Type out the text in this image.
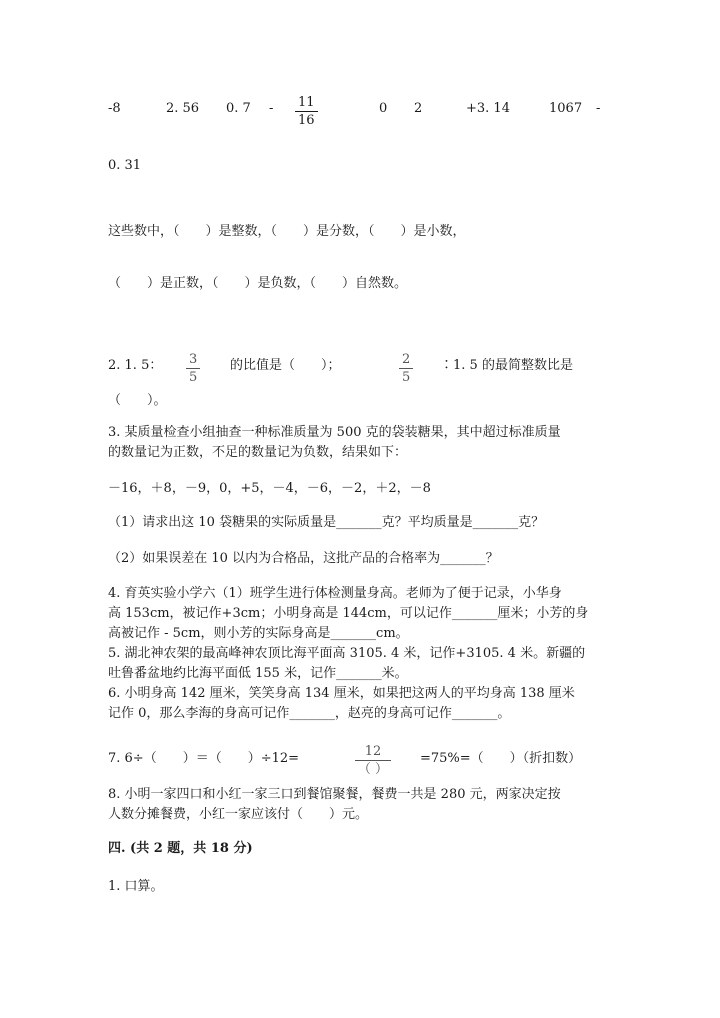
-8	2. 56 0. $7 - \frac{11}{16}$	0 2	+3. 14	1067 -
0. 31
这些数中，（　　）是整数，（　　）是分数，（　　）是小数，
（　　）是正数，（　　）是负数，（　　）自然数。
2. 1. 5： $\frac{3}{5}$ 的比值是（　　）；	$\frac{2}{5}$ ∶1. 5 的最简整数比是
（　　）。
3. 某质量检查小组抽查一种标准质量为 500 克的袋装糖果，其中超过标准质量
的数量记为正数，不足的数量记为负数，结果如下：
－16，＋8，－9，0，+5，－4，－6，－2，＋2，－8
（1）请求出这 10 袋糖果的实际质量是_______克？平均质量是_______克？
（2）如果误差在 10 以内为合格品，这批产品的合格率为_______？
4. 育英实验小学六（1）班学生进行体检测量身高。老师为了便于记录，小华身
高 153cm，被记作+3cm；小明身高是 144cm，可以记作_______厘米；小芳的身
高被记作 - 5cm，则小芳的实际身高是_______cm。
5. 湖北神农架的最高峰神农顶比海平面高 3105. 4 米，记作+3105. 4 米。新疆的
吐鲁番盆地约比海平面低 155 米，记作_______米。
6. 小明身高 142 厘米，笑笑身高 134 厘米，如果把这两人的平均身高 138 厘米
记作 0，那么李海的身高可记作_______，赵亮的身高可记作_______。
7. 6÷（　　）＝（　　）÷12=	12
（ ）
=75%=（　　）（折扣数）
8. 小明一家四口和小红一家三口到餐馆聚餐，餐费一共是 280 元，两家决定按
人数分摊餐费，小红一家应该付（　　）元。
四. (共 2 题，共 18 分)
1. 口算。
